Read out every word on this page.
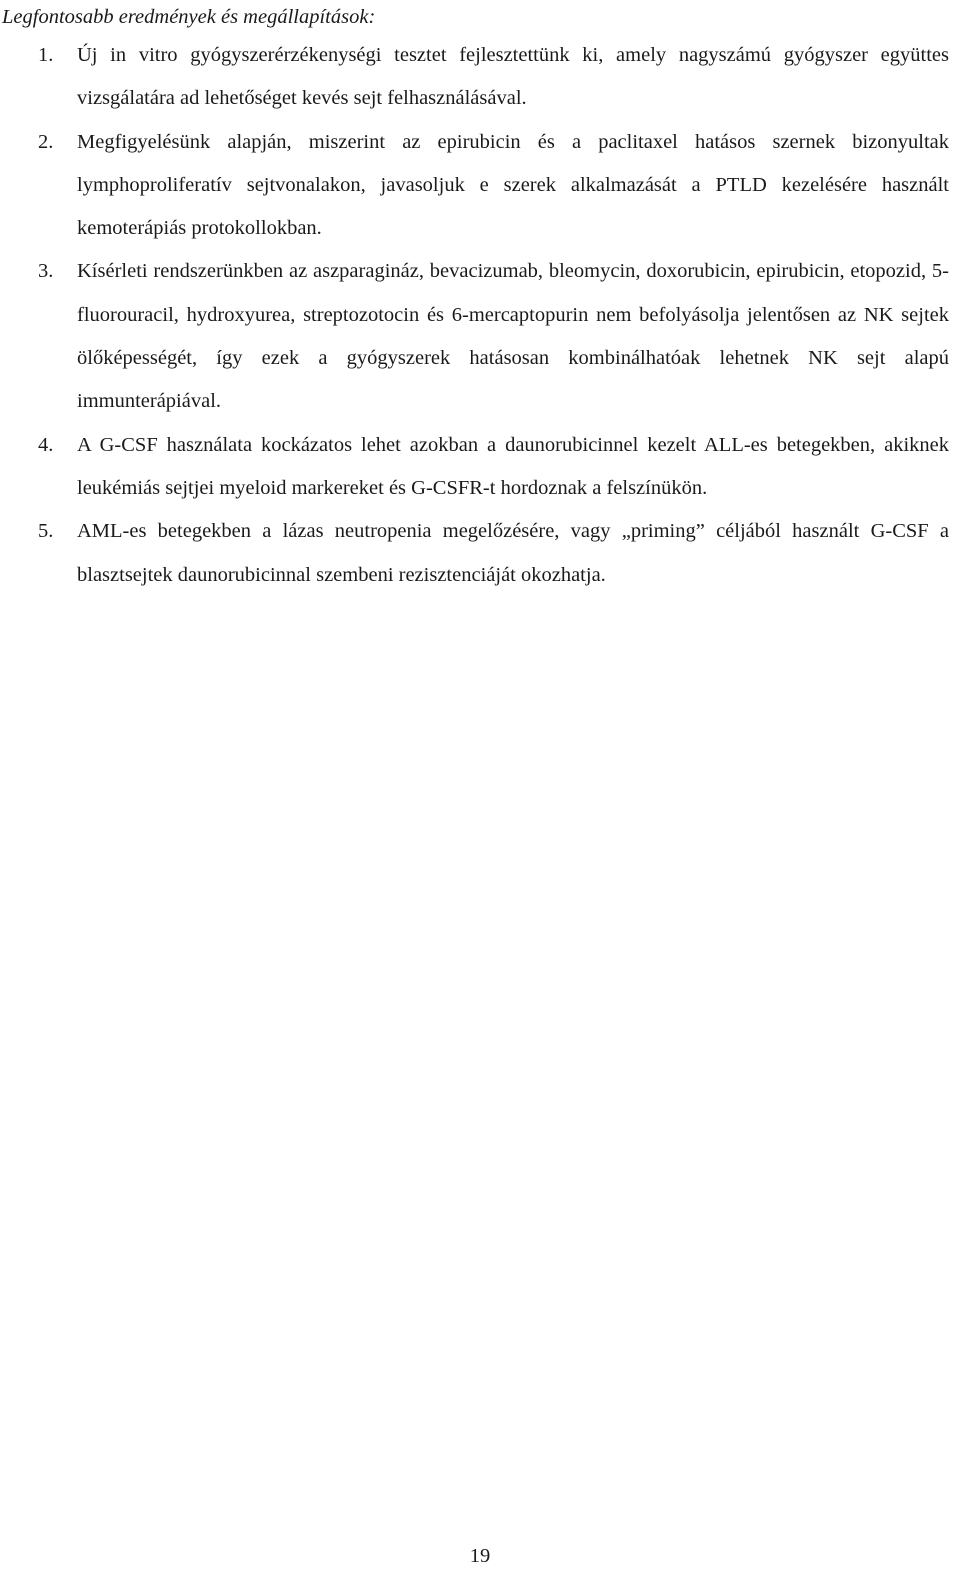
Legfontosabb eredmények és megállapítások:
1. Új in vitro gyógyszerérzékenységi tesztet fejlesztettünk ki, amely nagyszámú gyógyszer együttes vizsgálatára ad lehetőséget kevés sejt felhasználásával.
2. Megfigyelésünk alapján, miszerint az epirubicin és a paclitaxel hatásos szernek bizonyultak lymphoproliferatív sejtvonalakon, javasoljuk e szerek alkalmazását a PTLD kezelésére használt kemoterápiás protokollokban.
3. Kísérleti rendszerünkben az aszparagináz, bevacizumab, bleomycin, doxorubicin, epirubicin, etopozid, 5-fluorouracil, hydroxyurea, streptozotocin és 6-mercaptopurin nem befolyásolja jelentősen az NK sejtek ölőképességét, így ezek a gyógyszerek hatásosan kombinálhatóak lehetnek NK sejt alapú immunterápiával.
4. A G-CSF használata kockázatos lehet azokban a daunorubicinnel kezelt ALL-es betegekben, akiknek leukémiás sejtjei myeloid markereket és G-CSFR-t hordoznak a felszínükön.
5. AML-es betegekben a lázas neutropenia megelőzésére, vagy „priming” céljából használt G-CSF a blasztsejtek daunorubicinnal szembeni rezisztenciáját okozhatja.
19
